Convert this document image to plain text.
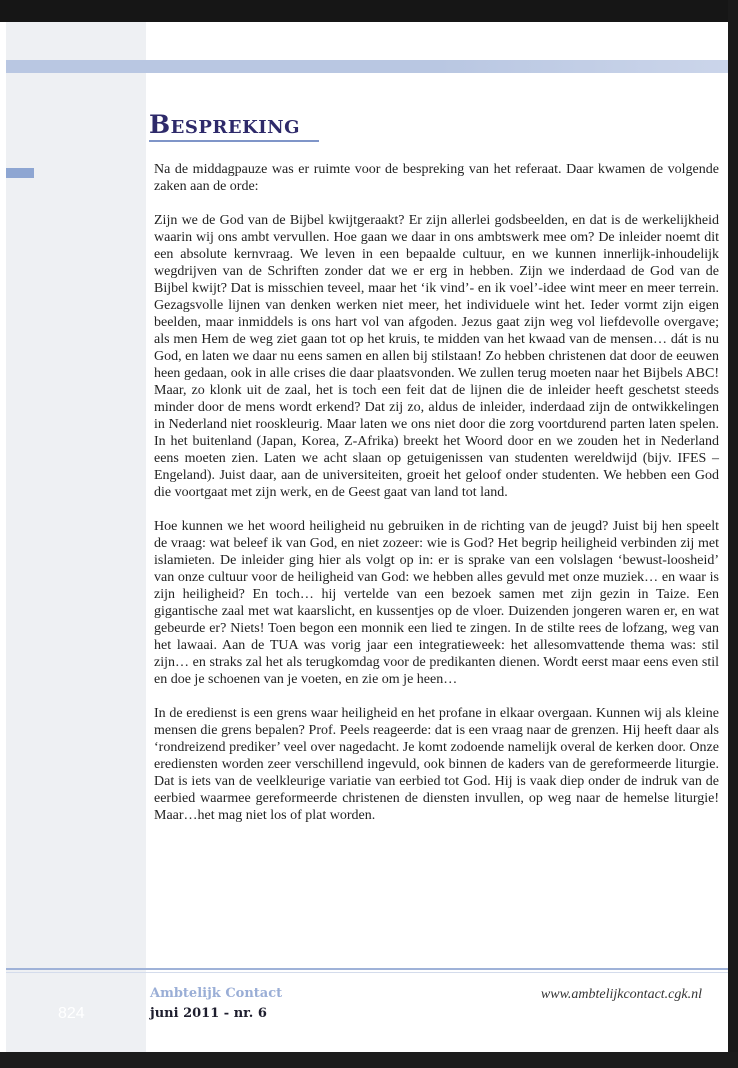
Bespreking

Na de middagpauze was er ruimte voor de bespreking van het referaat. Daar kwamen de volgende zaken aan de orde:

Zijn we de God van de Bijbel kwijtgeraakt? Er zijn allerlei godsbeelden, en dat is de werkelijkheid waarin wij ons ambt vervullen. Hoe gaan we daar in ons ambtswerk mee om? De inleider noemt dit een absolute kernvraag. We leven in een bepaalde cultuur, en we kunnen innerlijk-inhoudelijk wegdrijven van de Schriften zonder dat we er erg in hebben. Zijn we inderdaad de God van de Bijbel kwijt? Dat is misschien teveel, maar het ‘ik vind’- en ik voel’-idee wint meer en meer terrein. Gezagsvolle lijnen van denken werken niet meer, het individuele wint het. Ieder vormt zijn eigen beelden, maar inmiddels is ons hart vol van afgoden. Jezus gaat zijn weg vol liefdevolle overgave; als men Hem de weg ziet gaan tot op het kruis, te midden van het kwaad van de mensen… dát is nu God, en laten we daar nu eens samen en allen bij stilstaan! Zo hebben christenen dat door de eeuwen heen gedaan, ook in alle crises die daar plaatsvonden. We zullen terug moeten naar het Bijbels ABC! Maar, zo klonk uit de zaal, het is toch een feit dat de lijnen die de inleider heeft geschetst steeds minder door de mens wordt erkend? Dat zij zo, aldus de inleider, inderdaad zijn de ontwikkelingen in Nederland niet rooskleurig. Maar laten we ons niet door die zorg voortdurend parten laten spelen. In het buitenland (Japan, Korea, Z-Afrika) breekt het Woord door en we zouden het in Nederland eens moeten zien. Laten we acht slaan op getuigenissen van studenten wereldwijd (bijv. IFES – Engeland). Juist daar, aan de universiteiten, groeit het geloof onder studenten. We hebben een God die voortgaat met zijn werk, en de Geest gaat van land tot land.

Hoe kunnen we het woord heiligheid nu gebruiken in de richting van de jeugd? Juist bij hen speelt de vraag: wat beleef ik van God, en niet zozeer: wie is God? Het begrip heiligheid verbinden zij met islamieten. De inleider ging hier als volgt op in: er is sprake van een volslagen ‘bewust-loosheid’ van onze cultuur voor de heiligheid van God: we hebben alles gevuld met onze muziek… en waar is zijn heiligheid? En toch… hij vertelde van een bezoek samen met zijn gezin in Taize. Een gigantische zaal met wat kaarslicht, en kussentjes op de vloer. Duizenden jongeren waren er, en wat gebeurde er? Niets! Toen begon een monnik een lied te zingen. In de stilte rees de lofzang, weg van het lawaai. Aan de TUA was vorig jaar een integratieweek: het allesomvattende thema was: stil zijn… en straks zal het als terugkomdag voor de predikanten dienen. Wordt eerst maar eens even stil en doe je schoenen van je voeten, en zie om je heen…

In de eredienst is een grens waar heiligheid en het profane in elkaar overgaan. Kunnen wij als kleine mensen die grens bepalen? Prof. Peels reageerde: dat is een vraag naar de grenzen. Hij heeft daar als ‘rondreizend prediker’ veel over nagedacht. Je komt zodoende namelijk overal de kerken door. Onze erediensten worden zeer verschillend ingevuld, ook binnen de kaders van de gereformeerde liturgie. Dat is iets van de veelkleurige variatie van eerbied tot God. Hij is vaak diep onder de indruk van de eerbied waarmee gereformeerde christenen de diensten invullen, op weg naar de hemelse liturgie! Maar…het mag niet los of plat worden.

824
Ambtelijk Contact
juni 2011 - nr. 6
www.ambtelijkcontact.cgk.nl
